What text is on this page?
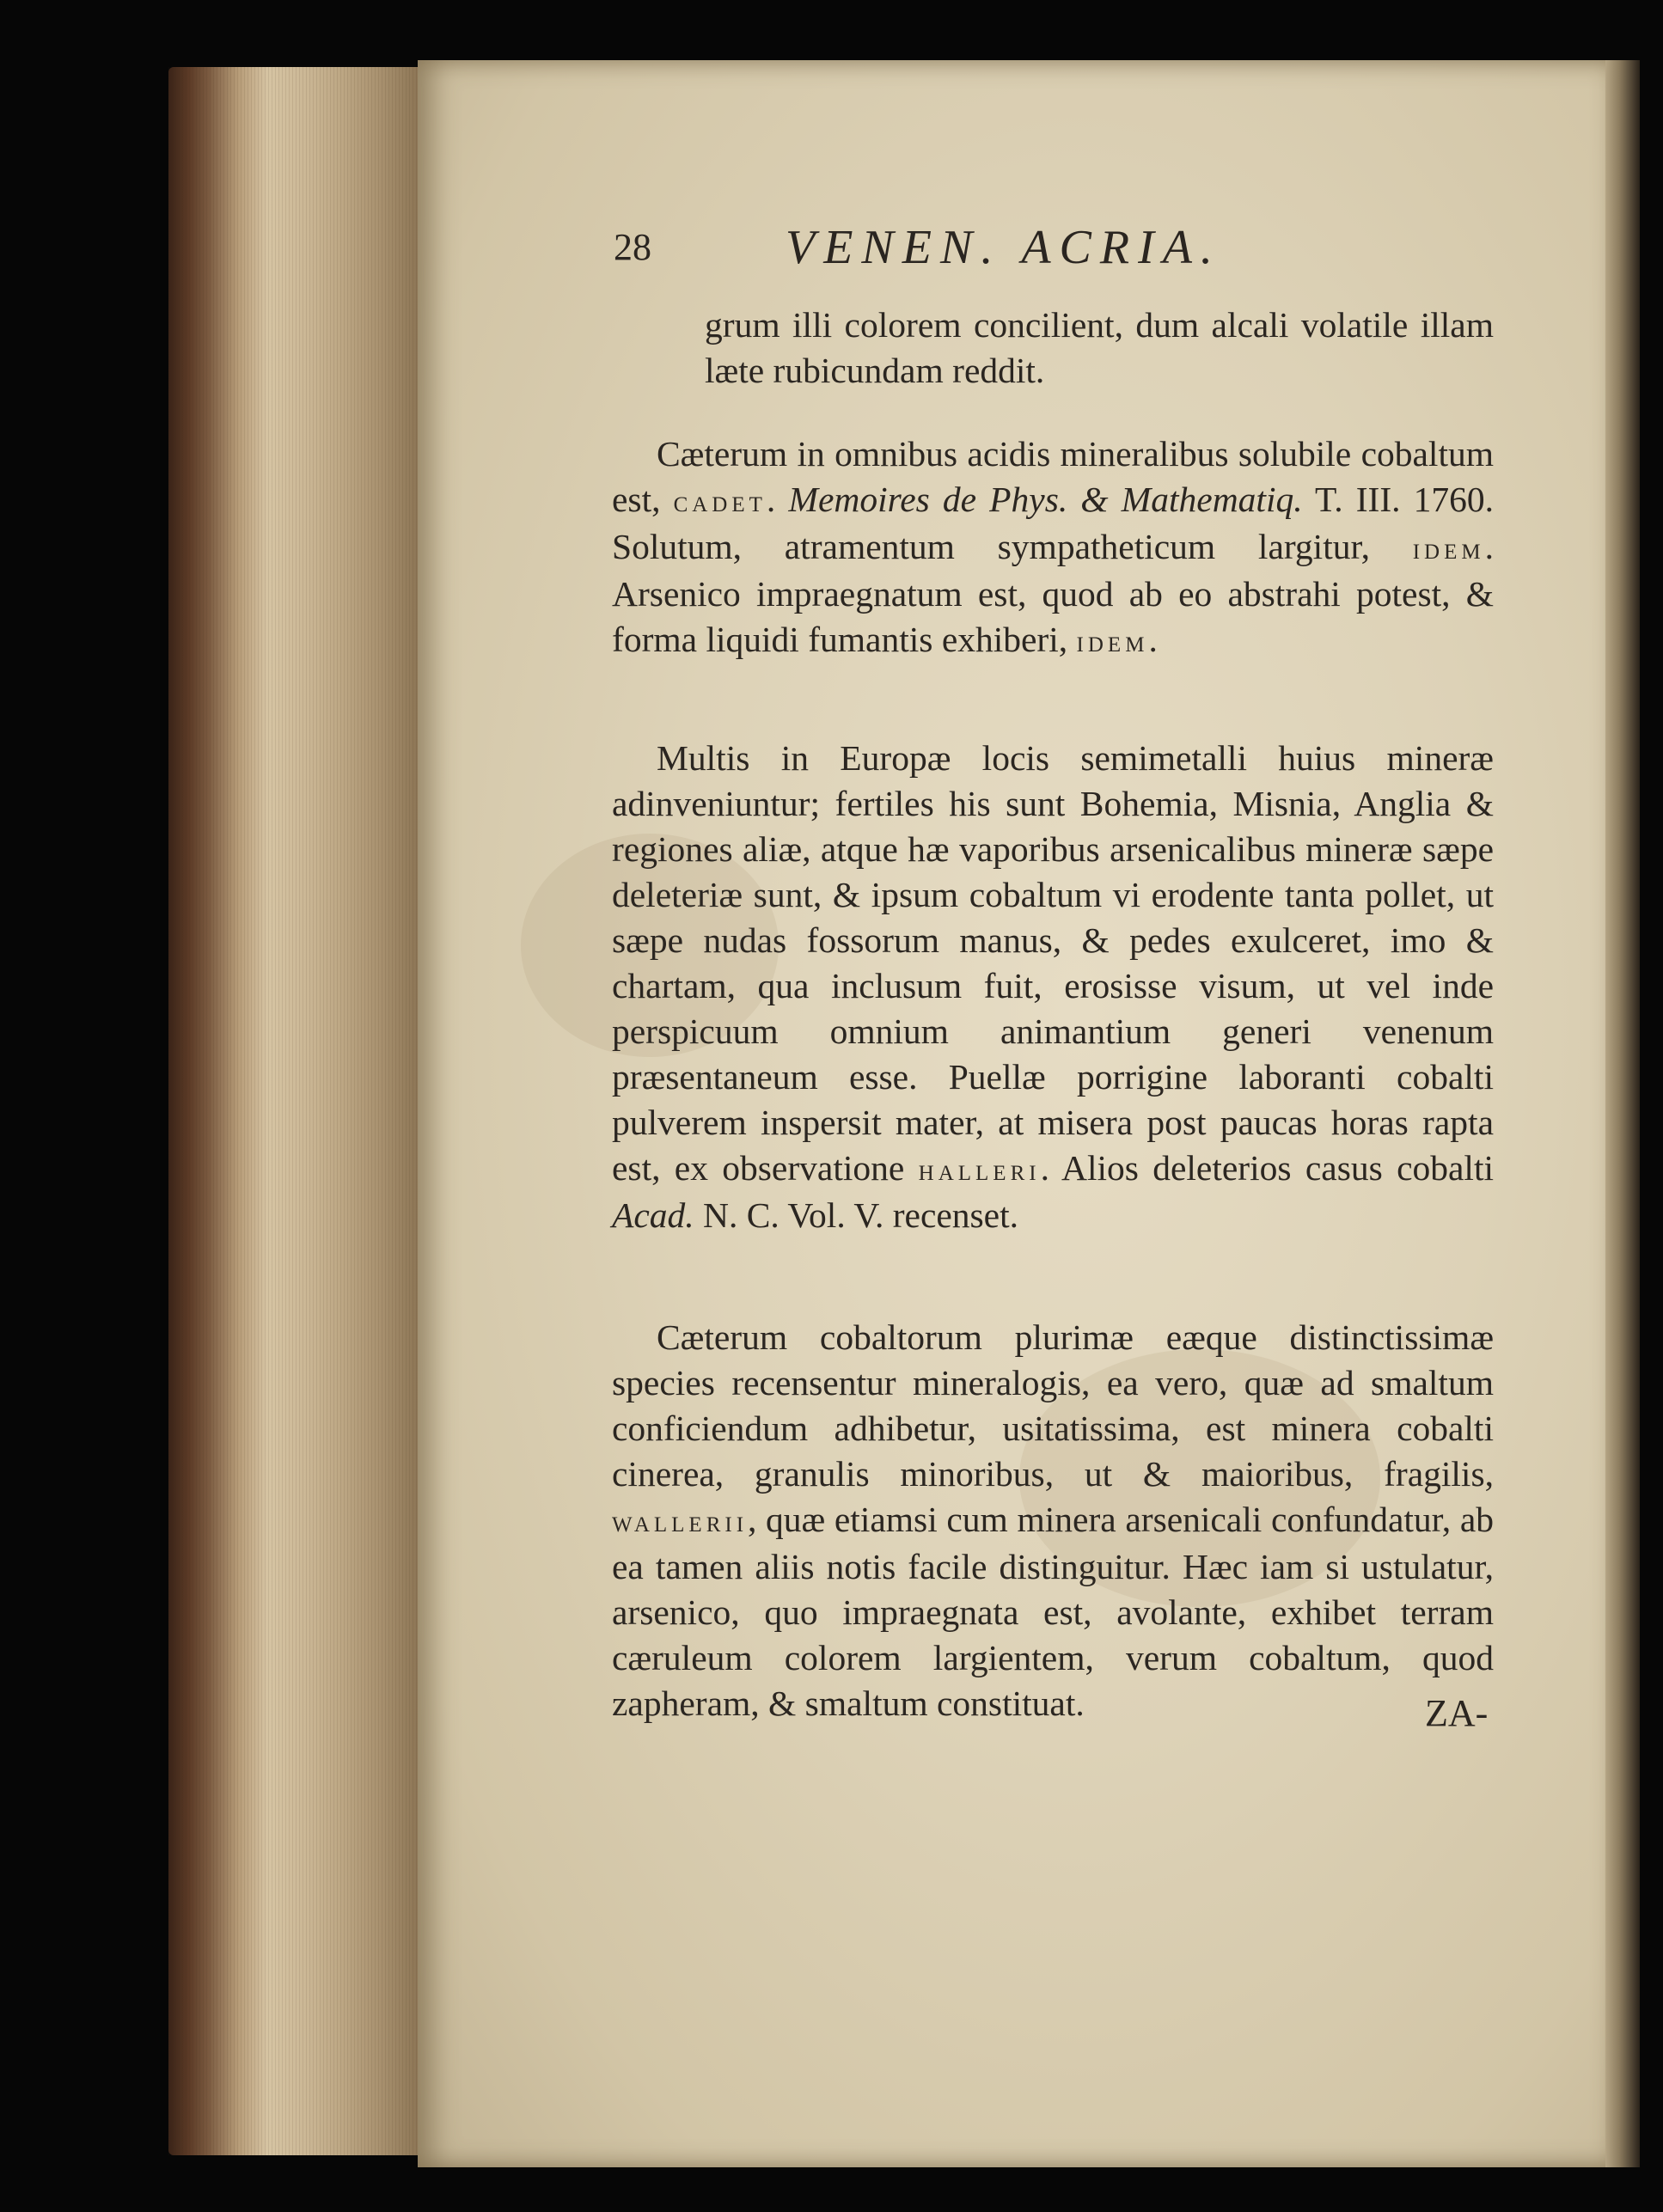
28	VENEN. ACRIA.
grum illi colorem concilient, dum alcali volatile illam læte rubicundam reddit.
Cæterum in omnibus acidis mineralibus solubile cobaltum est, cadet. Memoires de Phys. & Mathematiq. T. III. 1760. Solutum, atramentum sympatheticum largitur, idem. Arsenico impraegnatum est, quod ab eo abstrahi potest, & forma liquidi fumantis exhiberi, idem.
Multis in Europæ locis semimetalli huius mineræ adinveniuntur; fertiles his sunt Bohemia, Misnia, Anglia & regiones aliæ, atque hæ vaporibus arsenicalibus mineræ sæpe deleteriæ sunt, & ipsum cobaltum vi erodente tanta pollet, ut sæpe nudas fossorum manus, & pedes exulceret, imo & chartam, qua inclusum fuit, erosisse visum, ut vel inde perspicuum omnium animantium generi venenum præsentaneum esse. Puellæ porrigine laboranti cobalti pulverem inspersit mater, at misera post paucas horas rapta est, ex observatione halleri. Alios deleterios casus cobalti Acad. N. C. Vol. V. recenset.
Cæterum cobaltorum plurimæ eæque distinctissimæ species recensentur mineralogis, ea vero, quæ ad smaltum conficiendum adhibetur, usitatissima, est minera cobalti cinerea, granulis minoribus, ut & maioribus, fragilis, wallerii, quæ etiamsi cum minera arsenicali confundatur, ab ea tamen aliis notis facile distinguitur. Hæc iam si ustulatur, arsenico, quo impraegnata est, avolante, exhibet terram cæruleum colorem largientem, verum cobaltum, quod zapheram, & smaltum constituat.	ZA-
